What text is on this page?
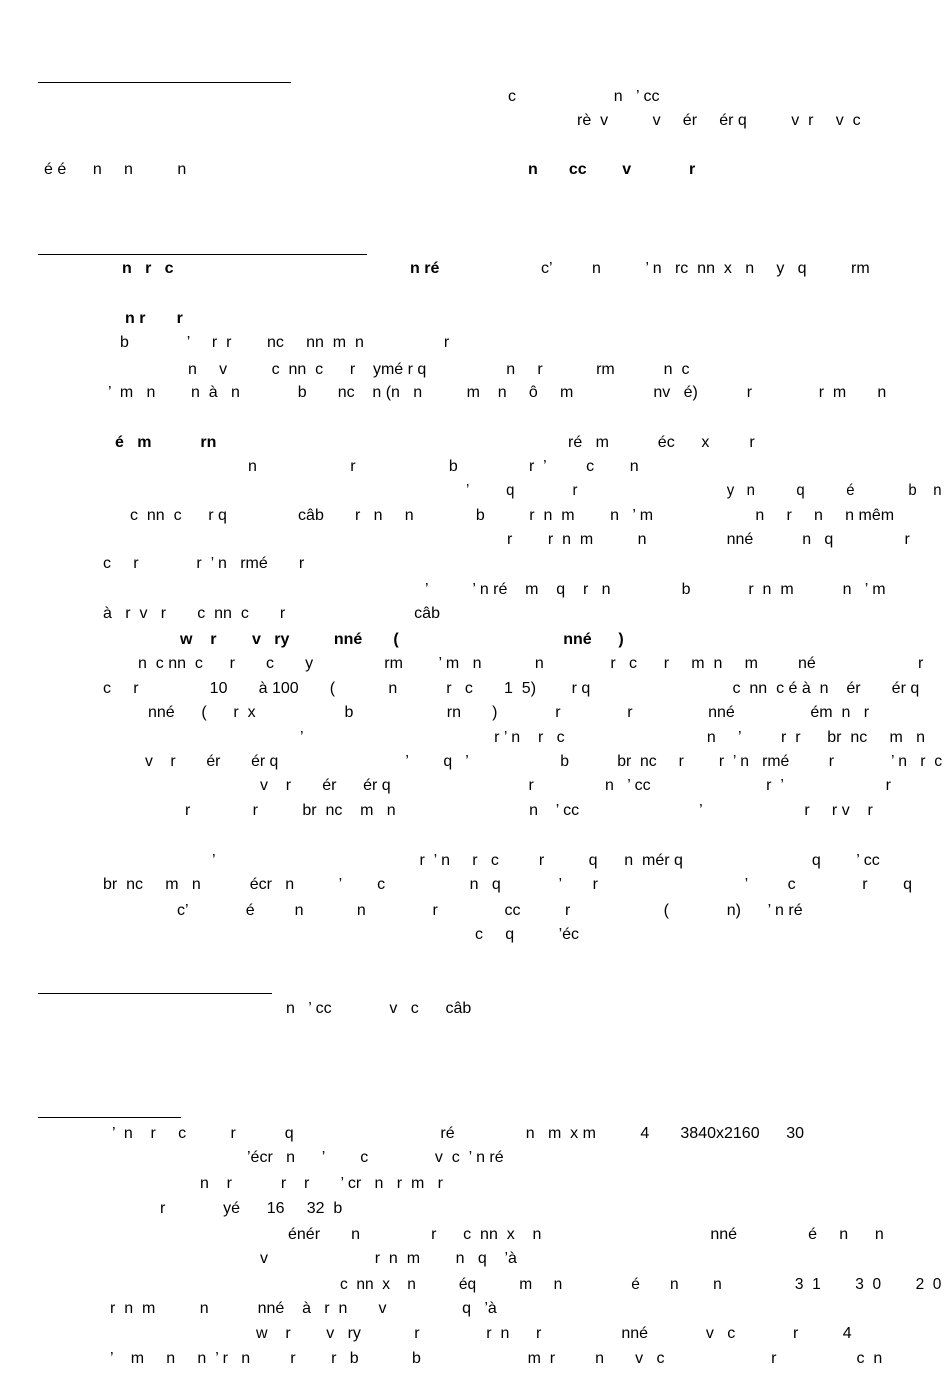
c                      n   ’ cc
rè  v          v     ér     ér q          v  r     v  c
é é      n     n          n	n       cc        v             r
n   r   c	n ré	c’         n          ’ n   rc  nn  x   n     y   q          rm
n r       r
b             ’     r  r        nc     nn  m  n                  r
n     v          c  nn  c      r    ymé r q                  n     r            rm           n  c
’  m   n        n  à   n             b       nc    n (n   n          m    n     ô     m                  nv   é)           r               r  m       n
é   m           rn	ré   m           éc      x         r
n                     r                     b                r  ’         c        n
’         q              r                                    y   n          q          é             b    n
c  nn  c      r q                câb       r   n     n              b          r  n  m        n   ’ m                       n     r     n     n mêm
r        r  n  m          n                  nné           n   q                r
c     r             r  ’ n   rmé       r
’          ’ n ré    m    q    r   n                b             r  n  m           n   ’ m
à   r  v   r       c  nn  c       r                             câb
w    r        v   ry          nné       (                                     nné      )
n  c nn  c      r       c       y                rm        ’ m   n            n               r   c      r     m  n     m         né                       r
c     r                10       à 100       (            n           r   c       1  5)        r q                                c  nn  c é à  n    ér       ér q
nné      (      r  x                    b                     rn       )             r               r                 nné                 ém  n   r
’                                           r ’ n    r   c                                n     ’         r  r      br  nc     m   n
v    r       ér       ér q                             ’        q   ’                     b           br  nc     r        r  ’ n   rmé         r             ’ n   r  c
v    r       ér      ér q                               r                n   ’ cc                          r  ’                       r
r              r          br  nc    m   n                              n    ’ cc                           ’                       r     r v    r
’                                              r  ’ n     r   c         r          q      n  mér q                             q        ’ cc
br  nc     m   n           écr   n          ’        c                   n   q             ’       r                                 ’         c               r        q
c’             é         n            n               r               cc          r                     (             n)      ’ n ré
c     q          ’éc
n   ’ cc             v   c      câb
’  n    r     c          r           q                                 ré                n   m  x m          4       3840x2160      30
’écr   n      ’        c               v  c  ’ n ré
n    r           r    r       ’ cr   n   r  m   r
r             yé      16     32  b
énér       n                r      c  nn  x    n                                      nné                é     n      n
v                        r  n  m        n   q    ’à
c  nn  x    n          éq          m     n                é       n        n                 3  1        3  0        2  0
r  n  m          n           nné    à   r  n       v                 q   ’à
w    r        v   ry            r               r  n      r                  nné             v   c             r          4
’    m     n     n  ’ r   n         r        r   b            b                        m  r         n       v   c                        r                  c  n
